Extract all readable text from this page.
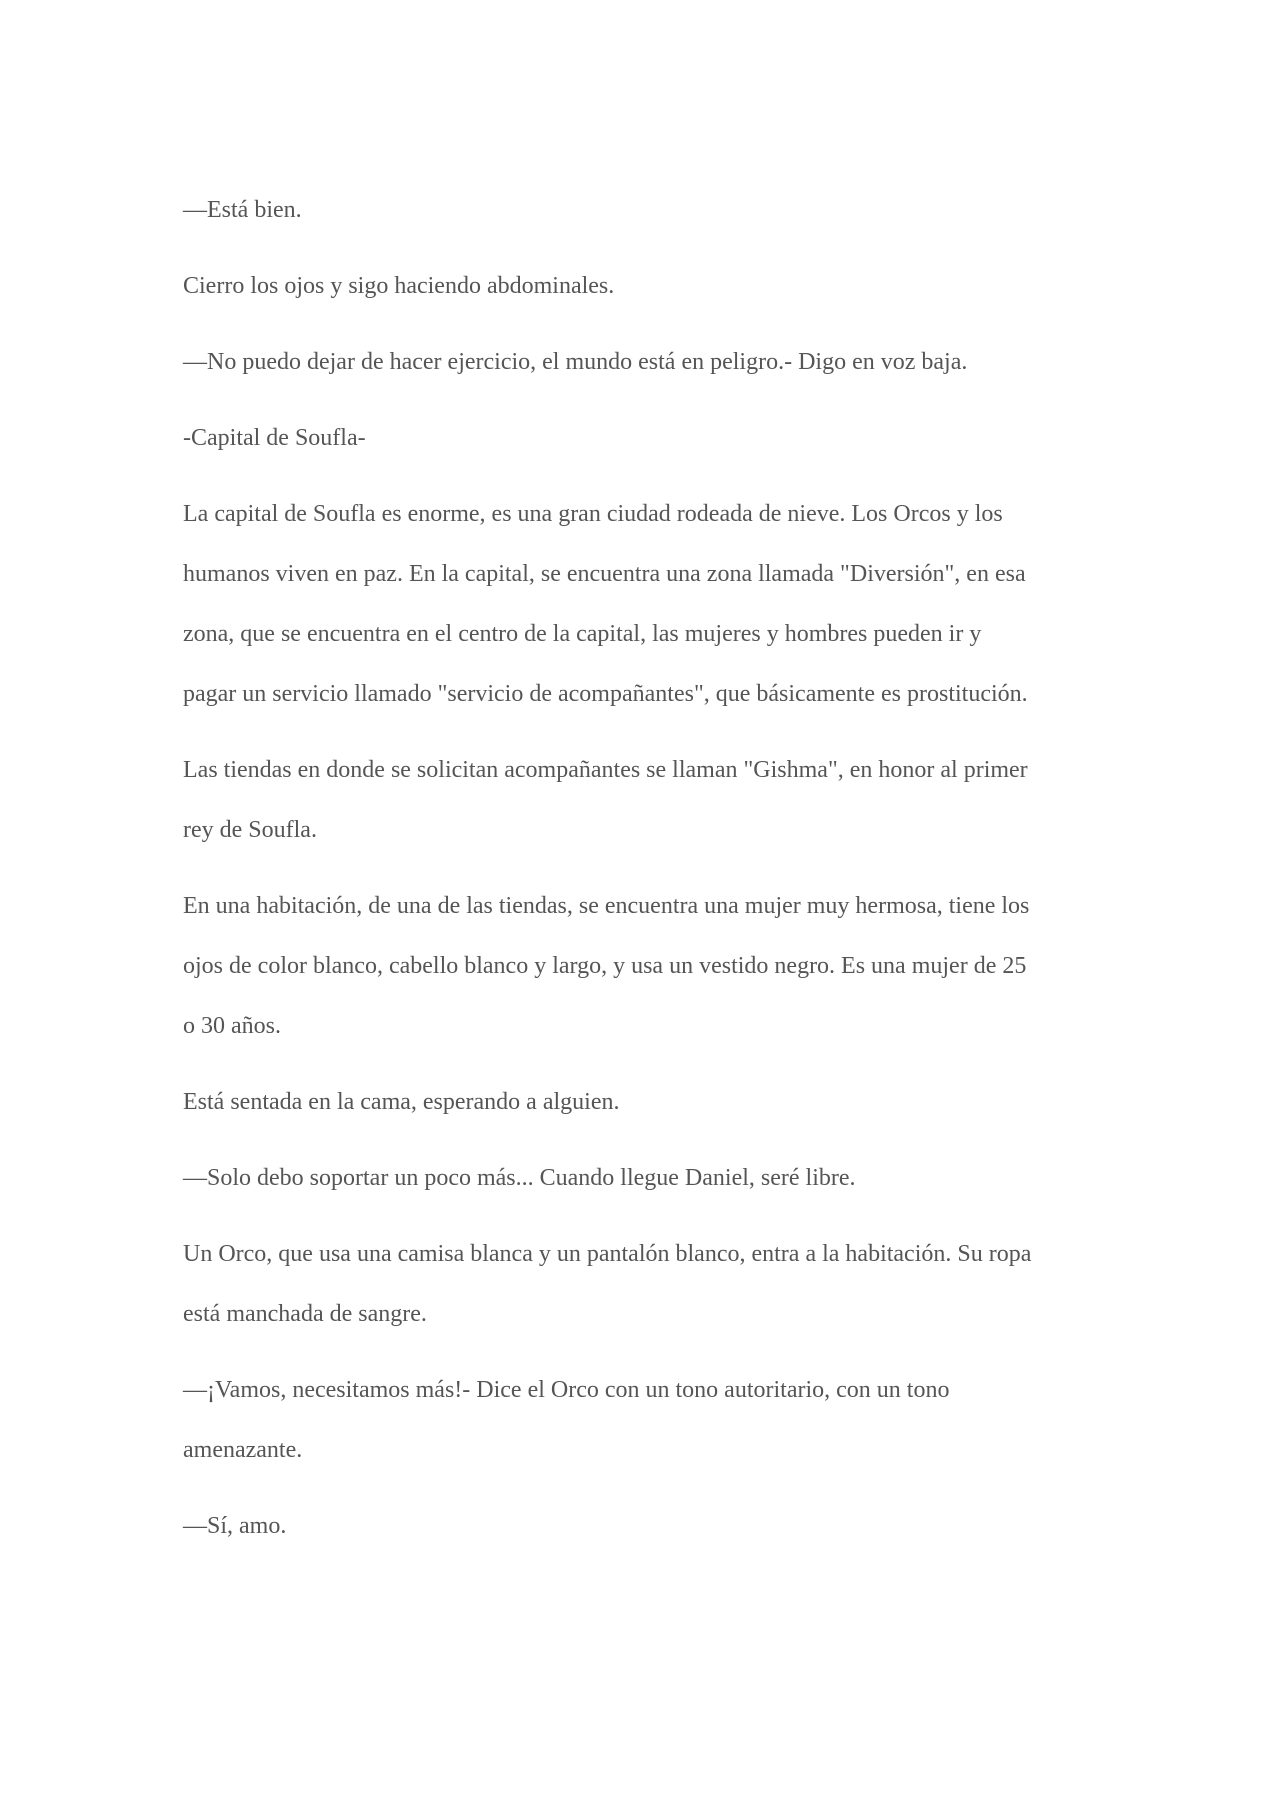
—Está bien.

Cierro los ojos y sigo haciendo abdominales.

—No puedo dejar de hacer ejercicio, el mundo está en peligro.- Digo en voz baja.

-Capital de Soufla-

La capital de Soufla es enorme, es una gran ciudad rodeada de nieve. Los Orcos y los
humanos viven en paz. En la capital, se encuentra una zona llamada "Diversión", en esa
zona, que se encuentra en el centro de la capital, las mujeres y hombres pueden ir y
pagar un servicio llamado "servicio de acompañantes", que básicamente es prostitución.

Las tiendas en donde se solicitan acompañantes se llaman "Gishma", en honor al primer
rey de Soufla.

En una habitación, de una de las tiendas, se encuentra una mujer muy hermosa, tiene los
ojos de color blanco, cabello blanco y largo, y usa un vestido negro. Es una mujer de 25
o 30 años.

Está sentada en la cama, esperando a alguien.

—Solo debo soportar un poco más... Cuando llegue Daniel, seré libre.

Un Orco, que usa una camisa blanca y un pantalón blanco, entra a la habitación. Su ropa
está manchada de sangre.

—¡Vamos, necesitamos más!- Dice el Orco con un tono autoritario, con un tono
amenazante.

—Sí, amo.
